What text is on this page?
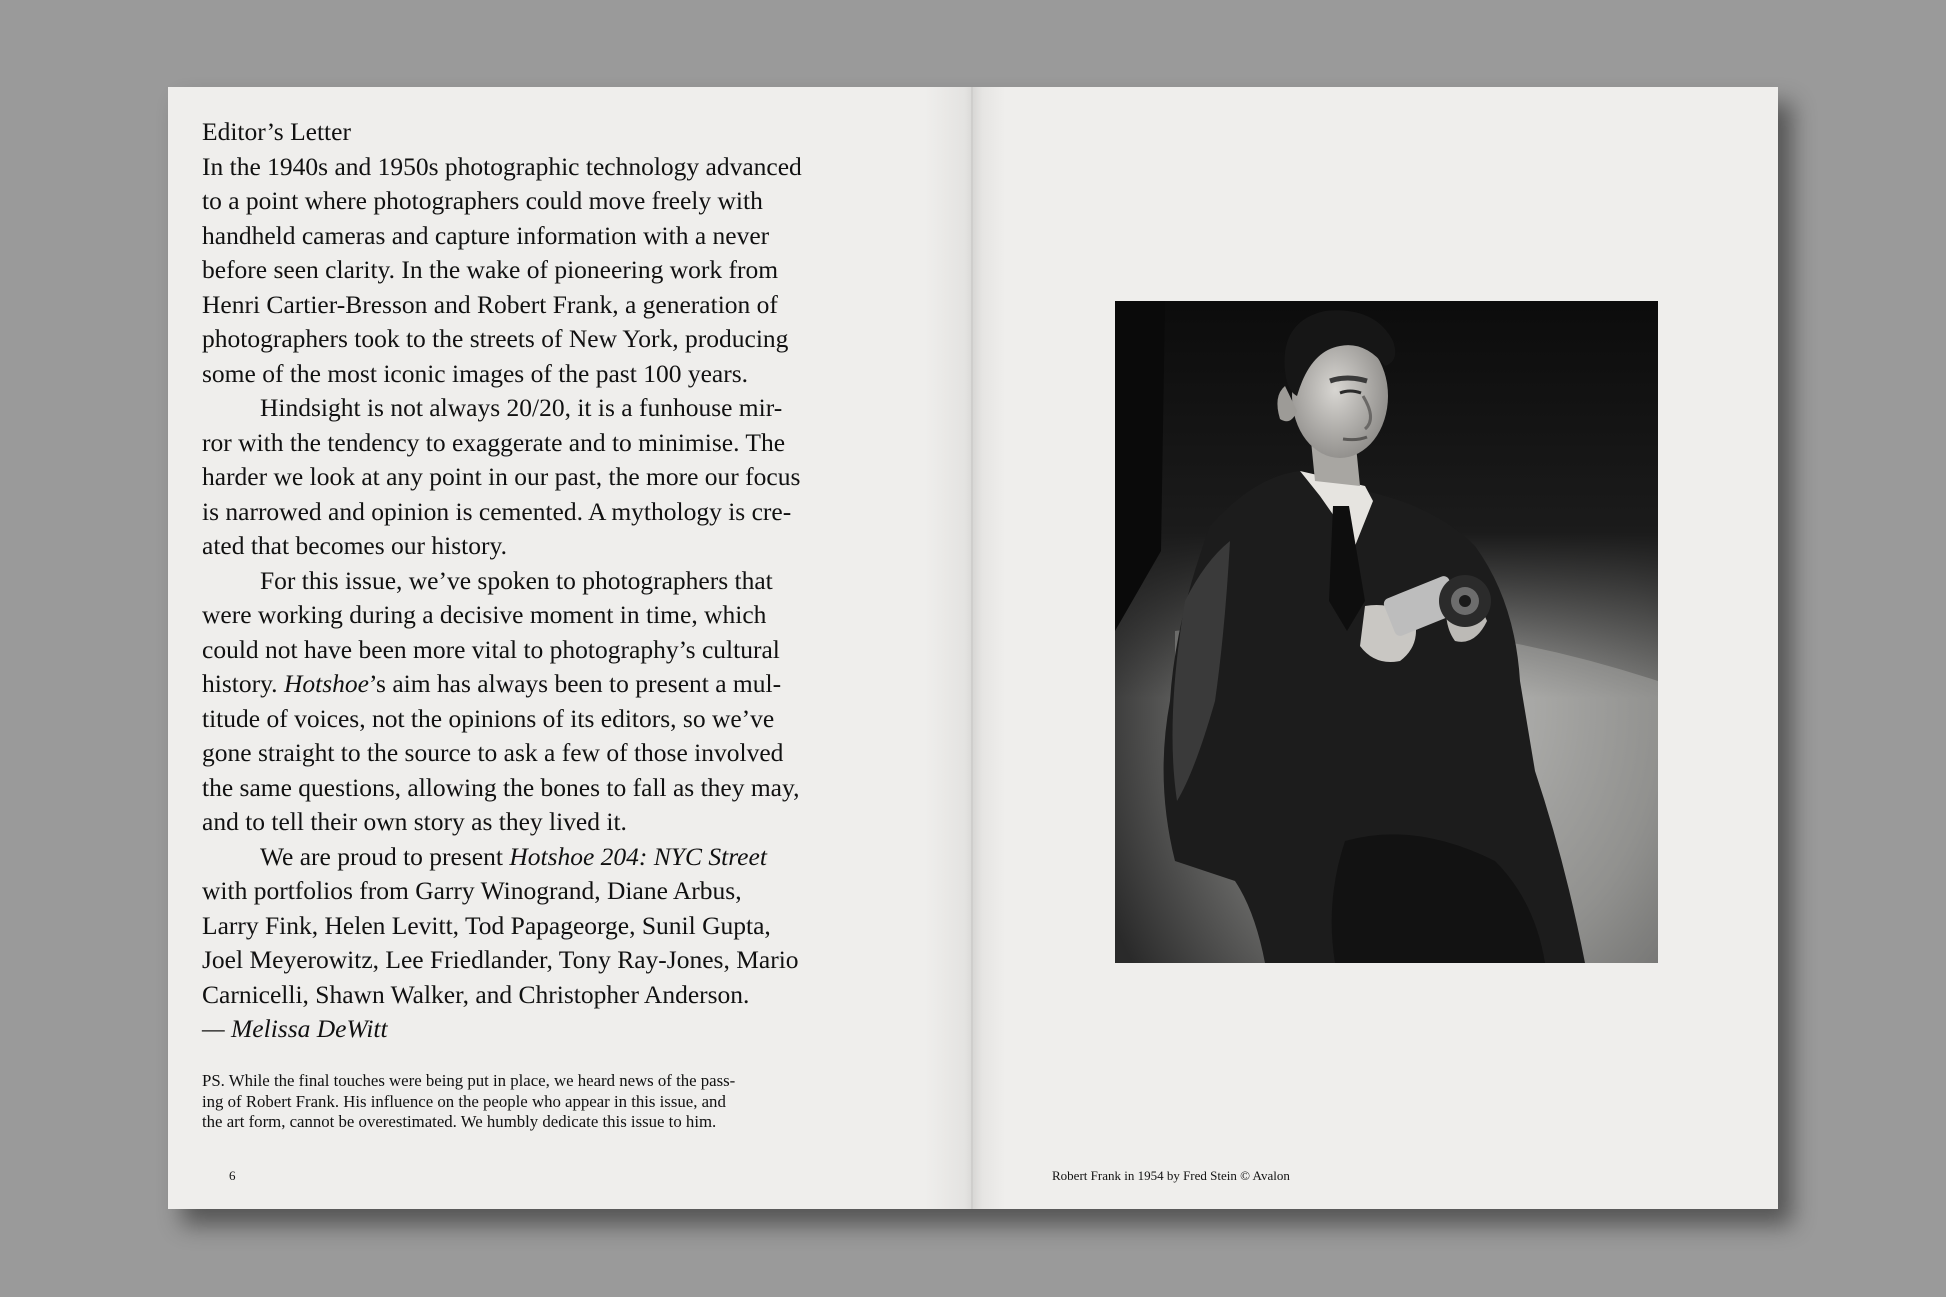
Editor’s Letter
In the 1940s and 1950s photographic technology advanced
to a point where photographers could move freely with
handheld cameras and capture information with a never
before seen clarity. In the wake of pioneering work from
Henri Cartier-Bresson and Robert Frank, a generation of
photographers took to the streets of New York, producing
some of the most iconic images of the past 100 years.
Hindsight is not always 20/20, it is a funhouse mir-
ror with the tendency to exaggerate and to minimise. The
harder we look at any point in our past, the more our focus
is narrowed and opinion is cemented. A mythology is cre-
ated that becomes our history.
For this issue, we’ve spoken to photographers that
were working during a decisive moment in time, which
could not have been more vital to photography’s cultural
history. Hotshoe’s aim has always been to present a mul-
titude of voices, not the opinions of its editors, so we’ve
gone straight to the source to ask a few of those involved
the same questions, allowing the bones to fall as they may,
and to tell their own story as they lived it.
We are proud to present Hotshoe 204: NYC Street
with portfolios from Garry Winogrand, Diane Arbus,
Larry Fink, Helen Levitt, Tod Papageorge, Sunil Gupta,
Joel Meyerowitz, Lee Friedlander, Tony Ray-Jones, Mario
Carnicelli, Shawn Walker, and Christopher Anderson.
— Melissa DeWitt
PS. While the final touches were being put in place, we heard news of the pass-
ing of Robert Frank. His influence on the people who appear in this issue, and
the art form, cannot be overestimated. We humbly dedicate this issue to him.
6	Robert Frank in 1954 by Fred Stein © Avalon
